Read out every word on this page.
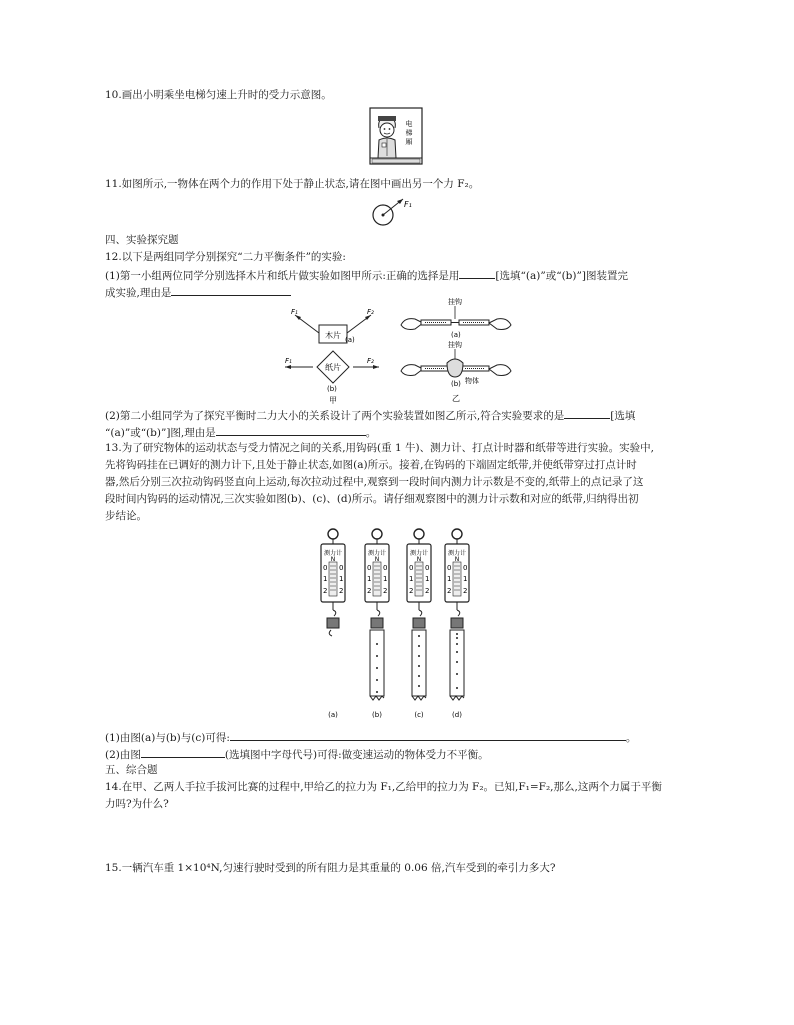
10.画出小明乘坐电梯匀速上升时的受力示意图。
电
梯
厢
11.如图所示,一物体在两个力的作用下处于静止状态,请在图中画出另一个力 F₂。
F₁
四、实验探究题
12.以下是两组同学分别探究“二力平衡条件”的实验:
(1)第一小组两位同学分别选择木片和纸片做实验如图甲所示:正确的选择是用	[选填“(a)”或“(b)”]图装置完
成实验,理由是
木片
F₁	F₂
(a)
纸片
F₁	F₂
(b)
甲
挂钩
(a)
挂钩
物体
(b)
乙
(2)第二小组同学为了探究平衡时二力大小的关系设计了两个实验装置如图乙所示,符合实验要求的是	[选填
“(a)”或“(b)”]图,理由是	。
13.为了研究物体的运动状态与受力情况之间的关系,用钩码(重 1 牛)、测力计、打点计时器和纸带等进行实验。实验中,
先将钩码挂在已调好的测力计下,且处于静止状态,如图(a)所示。接着,在钩码的下端固定纸带,并使纸带穿过打点计时
器,然后分别三次拉动钩码竖直向上运动,每次拉动过程中,观察到一段时间内测力计示数是不变的,纸带上的点记录了这
段时间内钩码的运动情况,三次实验如图(b)、(c)、(d)所示。请仔细观察图中的测力计示数和对应的纸带,归纳得出初
步结论。
测力计
N
测力计
N
测力计
N
测力计
N
0 0
1 1
2 2
0 0
1 1
2 2
0 0
1 1
2 2
0 0
1 1
2 2
(a)	(b)	(c)	(d)
(1)由图(a)与(b)与(c)可得:	。
(2)由图	(选填图中字母代号)可得:做变速运动的物体受力不平衡。
五、综合题
14.在甲、乙两人手拉手拔河比赛的过程中,甲给乙的拉力为 F₁,乙给甲的拉力为 F₂。已知,F₁=F₂,那么,这两个力属于平衡
力吗?为什么?
15.一辆汽车重 1×10⁴N,匀速行驶时受到的所有阻力是其重量的 0.06 倍,汽车受到的牵引力多大?
